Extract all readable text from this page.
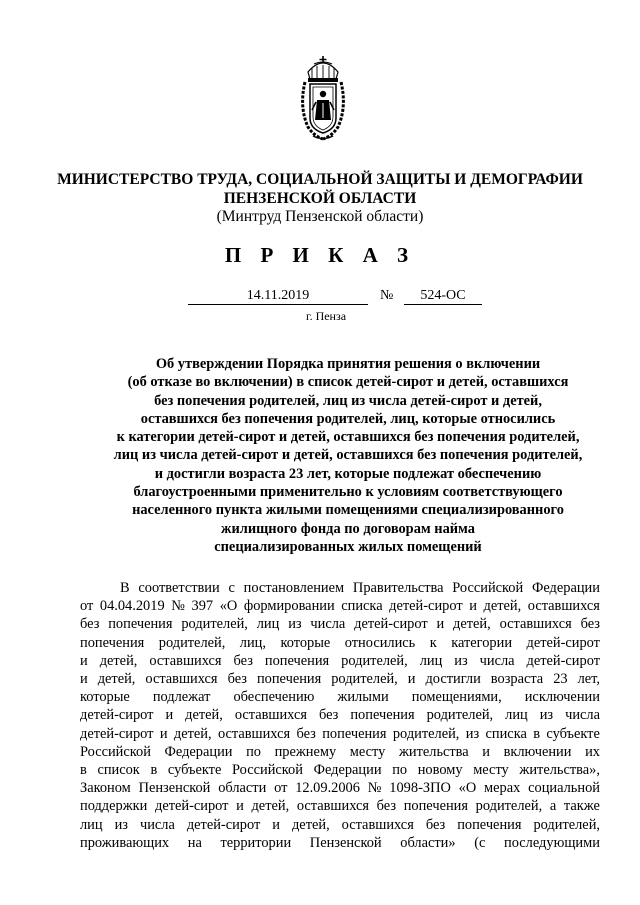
МИНИСТЕРСТВО ТРУДА, СОЦИАЛЬНОЙ ЗАЩИТЫ И ДЕМОГРАФИИ
ПЕНЗЕНСКОЙ ОБЛАСТИ
(Минтруд Пензенской области)
П Р И К А З
14.11.2019	№	524-ОС
г. Пенза
Об утверждении Порядка принятия решения о включении
(об отказе во включении) в список детей-сирот и детей, оставшихся
без попечения родителей, лиц из числа детей-сирот и детей,
оставшихся без попечения родителей, лиц, которые относились
к категории детей-сирот и детей, оставшихся без попечения родителей,
лиц из числа детей-сирот и детей, оставшихся без попечения родителей,
и достигли возраста 23 лет, которые подлежат обеспечению
благоустроенными применительно к условиям соответствующего
населенного пункта жилыми помещениями специализированного
жилищного фонда по договорам найма
специализированных жилых помещений
В соответствии с постановлением Правительства Российской Федерации
от 04.04.2019 № 397 «О формировании списка детей-сирот и детей, оставшихся
без попечения родителей, лиц из числа детей-сирот и детей, оставшихся без
попечения родителей, лиц, которые относились к категории детей-сирот
и детей, оставшихся без попечения родителей, лиц из числа детей-сирот
и детей, оставшихся без попечения родителей, и достигли возраста 23 лет,
которые подлежат обеспечению жилыми помещениями, исключении
детей-сирот и детей, оставшихся без попечения родителей, лиц из числа
детей-сирот и детей, оставшихся без попечения родителей, из списка в субъекте
Российской Федерации по прежнему месту жительства и включении их
в список в субъекте Российской Федерации по новому месту жительства»,
Законом Пензенской области от 12.09.2006 № 1098-ЗПО «О мерах социальной
поддержки детей-сирот и детей, оставшихся без попечения родителей, а также
лиц из числа детей-сирот и детей, оставшихся без попечения родителей,
проживающих на территории Пензенской области» (с последующими
